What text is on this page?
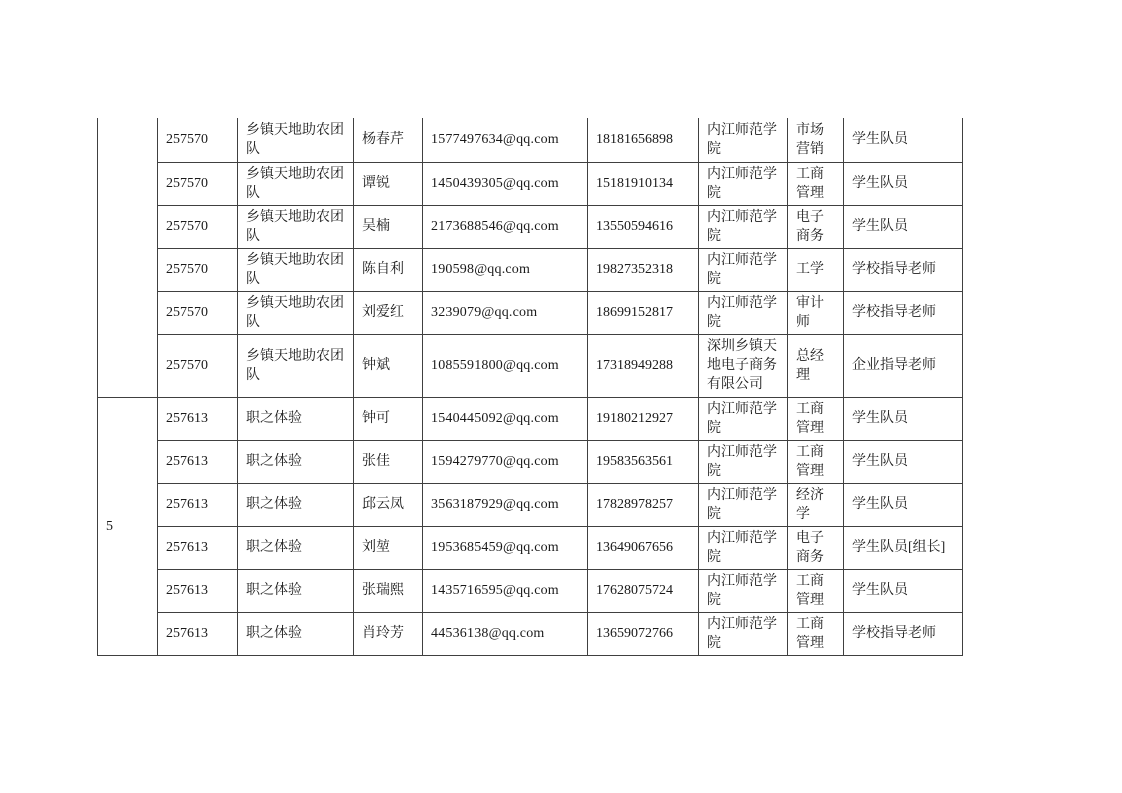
	257570	乡镇天地助农团队	杨春芹	1577497634@qq.com	18181656898	内江师范学院	市场营销	学生队员
	257570	乡镇天地助农团队	谭锐	1450439305@qq.com	15181910134	内江师范学院	工商管理	学生队员
	257570	乡镇天地助农团队	吴楠	2173688546@qq.com	13550594616	内江师范学院	电子商务	学生队员
	257570	乡镇天地助农团队	陈自利	190598@qq.com	19827352318	内江师范学院	工学	学校指导老师
	257570	乡镇天地助农团队	刘爱红	3239079@qq.com	18699152817	内江师范学院	审计师	学校指导老师
	257570	乡镇天地助农团队	钟斌	1085591800@qq.com	17318949288	深圳乡镇天地电子商务有限公司	总经理	企业指导老师
5	257613	职之体验	钟可	1540445092@qq.com	19180212927	内江师范学院	工商管理	学生队员
	257613	职之体验	张佳	1594279770@qq.com	19583563561	内江师范学院	工商管理	学生队员
	257613	职之体验	邱云凤	3563187929@qq.com	17828978257	内江师范学院	经济学	学生队员
	257613	职之体验	刘堃	1953685459@qq.com	13649067656	内江师范学院	电子商务	学生队员[组长]
	257613	职之体验	张瑞熙	1435716595@qq.com	17628075724	内江师范学院	工商管理	学生队员
	257613	职之体验	肖玲芳	44536138@qq.com	13659072766	内江师范学院	工商管理	学校指导老师
